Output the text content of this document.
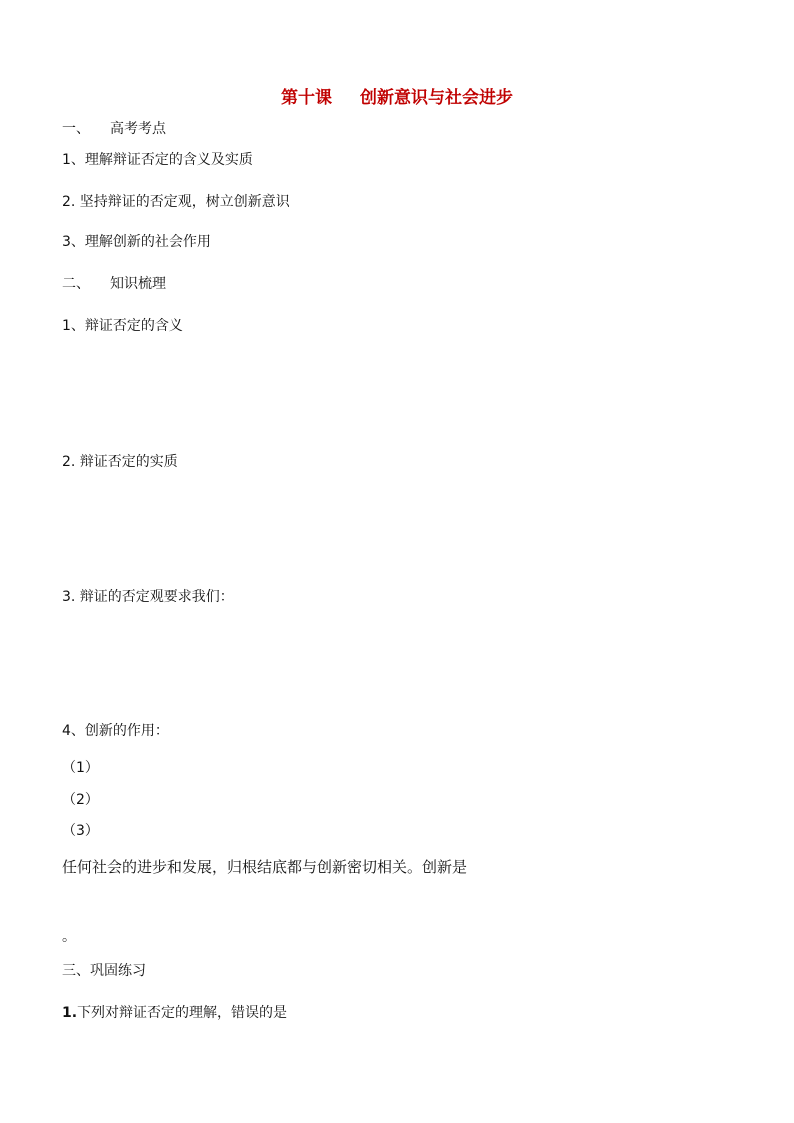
第十课 创新意识与社会进步
一、 高考考点
1、理解辩证否定的含义及实质
2. 坚持辩证的否定观，树立创新意识
3、理解创新的社会作用
二、 知识梳理
1、辩证否定的含义
2. 辩证否定的实质
3. 辩证的否定观要求我们：
4、创新的作用：
（1）
（2）
（3）
任何社会的进步和发展，归根结底都与创新密切相关。创新是
。
三、巩固练习
1.下列对辩证否定的理解，错误的是
